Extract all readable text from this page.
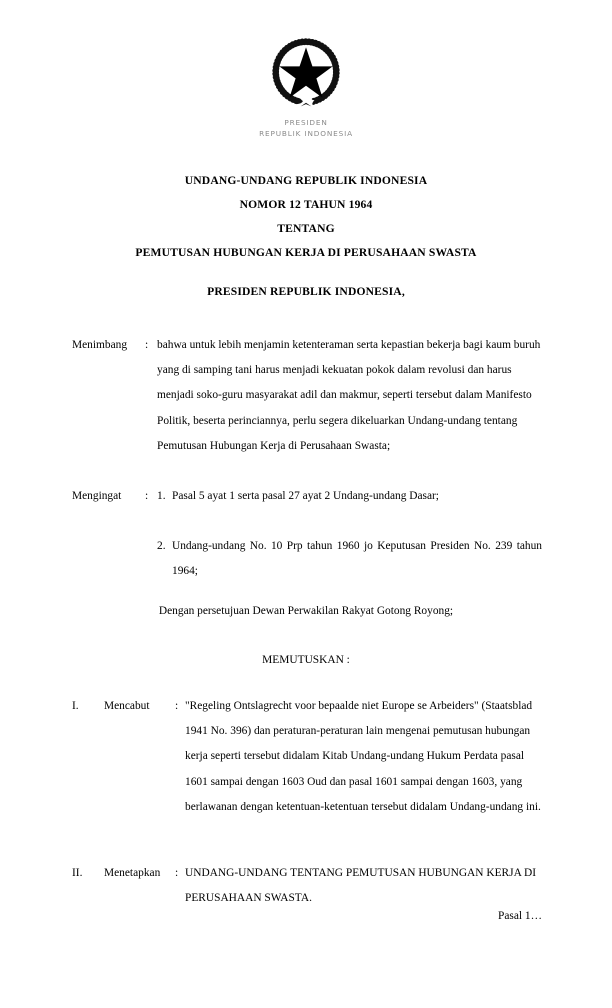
PRESIDEN
REPUBLIK INDONESIA
UNDANG-UNDANG REPUBLIK INDONESIA
NOMOR 12 TAHUN 1964
TENTANG
PEMUTUSAN HUBUNGAN KERJA DI PERUSAHAAN SWASTA
PRESIDEN REPUBLIK INDONESIA,
Menimbang	: bahwa untuk lebih menjamin ketenteraman serta kepastian bekerja bagi kaum buruh yang di samping tani harus menjadi kekuatan pokok dalam revolusi dan harus menjadi soko-guru masyarakat adil dan makmur, seperti tersebut dalam Manifesto Politik, beserta perinciannya, perlu segera dikeluarkan Undang-undang tentang Pemutusan Hubungan Kerja di Perusahaan Swasta;

Mengingat	: 1. Pasal 5 ayat 1 serta pasal 27 ayat 2 Undang-undang Dasar;
2. Undang-undang No. 10 Prp tahun 1960 jo Keputusan Presiden No. 239 tahun 1964;
Dengan persetujuan Dewan Perwakilan Rakyat Gotong Royong;
MEMUTUSKAN :
I.	Mencabut : "Regeling Ontslagrecht voor bepaalde niet Europe se Arbeiders" (Staatsblad 1941 No. 396) dan peraturan-peraturan lain mengenai pemutusan hubungan kerja seperti tersebut didalam Kitab Undang-undang Hukum Perdata pasal 1601 sampai dengan 1603 Oud dan pasal 1601 sampai dengan 1603, yang berlawanan dengan ketentuan-ketentuan tersebut didalam Undang-undang ini.

II.	Menetapkan : UNDANG-UNDANG TENTANG PEMUTUSAN HUBUNGAN KERJA DI PERUSAHAAN SWASTA.

Pasal 1…
